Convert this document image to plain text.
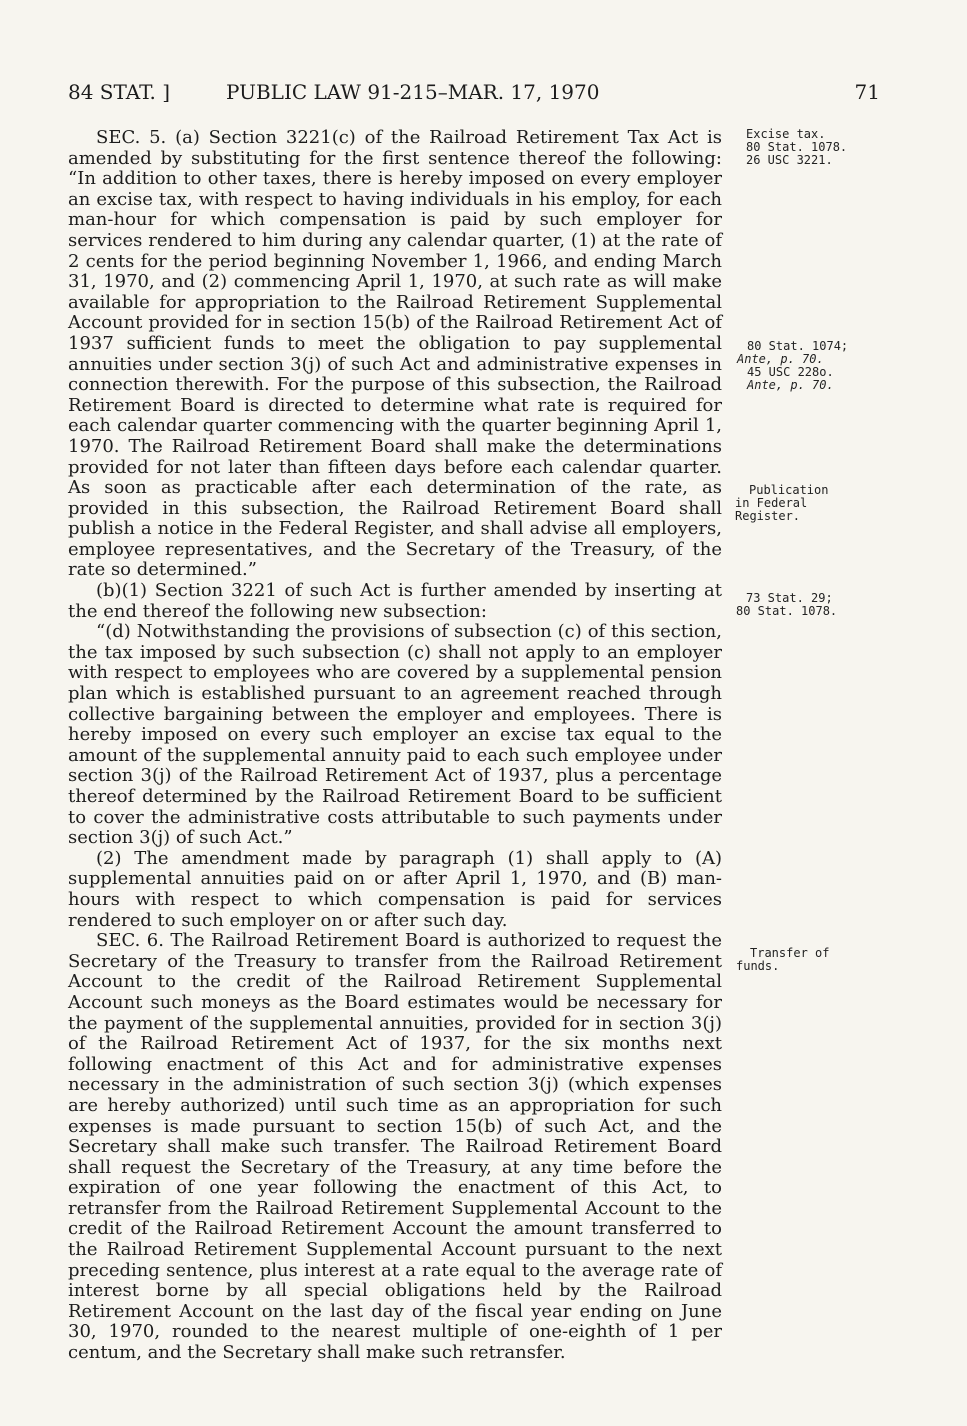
84 STAT. ]	PUBLIC LAW 91-215–MAR. 17, 1970	71

SEC. 5. (a) Section 3221(c) of the Railroad Retirement Tax Act is amended by substituting for the first sentence thereof the following: “In addition to other taxes, there is hereby imposed on every employer an excise tax, with respect to having individuals in his employ, for each man-hour for which compensation is paid by such employer for services rendered to him during any calendar quarter, (1) at the rate of 2 cents for the period beginning November 1, 1966, and ending March 31, 1970, and (2) commencing April 1, 1970, at such rate as will make available for appropriation to the Railroad Retirement Supplemental Account provided for in section 15(b) of the Railroad Retirement Act of 1937 sufficient funds to meet the obligation to pay supplemental annuities under section 3(j) of such Act and administrative expenses in connection therewith. For the purpose of this subsection, the Railroad Retirement Board is directed to determine what rate is required for each calendar quarter commencing with the quarter beginning April 1, 1970. The Railroad Retirement Board shall make the determinations provided for not later than fifteen days before each calendar quarter. As soon as practicable after each determination of the rate, as provided in this subsection, the Railroad Retirement Board shall publish a notice in the Federal Register, and shall advise all employers, employee representatives, and the Secretary of the Treasury, of the rate so determined.”

(b)(1) Section 3221 of such Act is further amended by inserting at the end thereof the following new subsection:

“(d) Notwithstanding the provisions of subsection (c) of this section, the tax imposed by such subsection (c) shall not apply to an employer with respect to employees who are covered by a supplemental pension plan which is established pursuant to an agreement reached through collective bargaining between the employer and employees. There is hereby imposed on every such employer an excise tax equal to the amount of the supplemental annuity paid to each such employee under section 3(j) of the Railroad Retirement Act of 1937, plus a percentage thereof determined by the Railroad Retirement Board to be sufficient to cover the administrative costs attributable to such payments under section 3(j) of such Act.”

(2) The amendment made by paragraph (1) shall apply to (A) supplemental annuities paid on or after April 1, 1970, and (B) man-hours with respect to which compensation is paid for services rendered to such employer on or after such day.

SEC. 6. The Railroad Retirement Board is authorized to request the Secretary of the Treasury to transfer from the Railroad Retirement Account to the credit of the Railroad Retirement Supplemental Account such moneys as the Board estimates would be necessary for the payment of the supplemental annuities, provided for in section 3(j) of the Railroad Retirement Act of 1937, for the six months next following enactment of this Act and for administrative expenses necessary in the administration of such section 3(j) (which expenses are hereby authorized) until such time as an appropriation for such expenses is made pursuant to section 15(b) of such Act, and the Secretary shall make such transfer. The Railroad Retirement Board shall request the Secretary of the Treasury, at any time before the expiration of one year following the enactment of this Act, to retransfer from the Railroad Retirement Supplemental Account to the credit of the Railroad Retirement Account the amount transferred to the Railroad Retirement Supplemental Account pursuant to the next preceding sentence, plus interest at a rate equal to the average rate of interest borne by all special obligations held by the Railroad Retirement Account on the last day of the fiscal year ending on June 30, 1970, rounded to the nearest multiple of one-eighth of 1 per centum, and the Secretary shall make such retransfer.

Excise tax.
80 Stat. 1078.
26 USC 3221.
80 Stat. 1074;
Ante, p. 70.
45 USC 228o.
Ante, p. 70.
Publication
in Federal
Register.
73 Stat. 29;
80 Stat. 1078.
Transfer of
funds.
